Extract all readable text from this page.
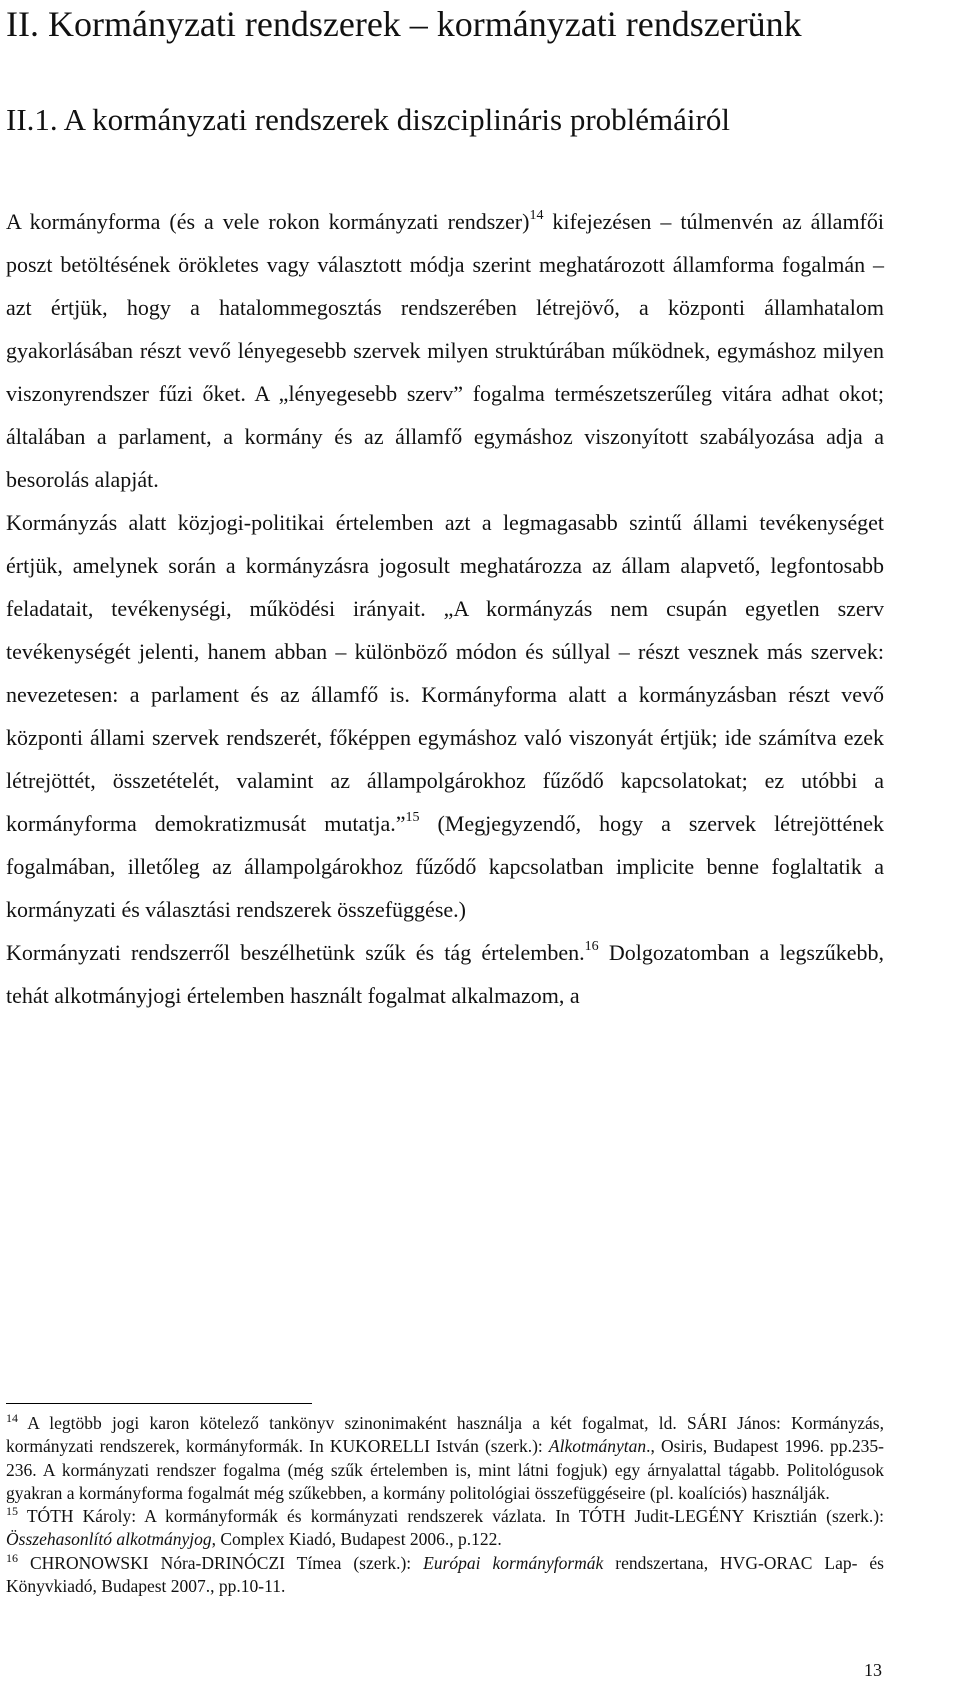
II. Kormányzati rendszerek – kormányzati rendszerünk
II.1. A kormányzati rendszerek diszciplináris problémáiról

A kormányforma (és a vele rokon kormányzati rendszer)$^{14}$ kifejezésen – túlmenvén az államfői poszt betöltésének örökletes vagy választott módja szerint meghatározott államforma fogalmán – azt értjük, hogy a hatalommegosztás rendszerében létrejövő, a központi államhatalom gyakorlásában részt vevő lényegesebb szervek milyen struktúrában működnek, egymáshoz milyen viszonyrendszer fűzi őket. A „lényegesebb szerv” fogalma természetszerűleg vitára adhat okot; általában a parlament, a kormány és az államfő egymáshoz viszonyított szabályozása adja a besorolás alapját.

Kormányzás alatt közjogi-politikai értelemben azt a legmagasabb szintű állami tevékenységet értjük, amelynek során a kormányzásra jogosult meghatározza az állam alapvető, legfontosabb feladatait, tevékenységi, működési irányait. „A kormányzás nem csupán egyetlen szerv tevékenységét jelenti, hanem abban – különböző módon és súllyal – részt vesznek más szervek: nevezetesen: a parlament és az államfő is. Kormányforma alatt a kormányzásban részt vevő központi állami szervek rendszerét, főképpen egymáshoz való viszonyát értjük; ide számítva ezek létrejöttét, összetételét, valamint az állampolgárokhoz fűződő kapcsolatokat; ez utóbbi a kormányforma demokratizmusát mutatja.”$^{15}$ (Megjegyzendő, hogy a szervek létrejöttének fogalmában, illetőleg az állampolgárokhoz fűződő kapcsolatban implicite benne foglaltatik a kormányzati és választási rendszerek összefüggése.)

Kormányzati rendszerről beszélhetünk szűk és tág értelemben.$^{16}$ Dolgozatomban a legszűkebb, tehát alkotmányjogi értelemben használt fogalmat alkalmazom, a

$^{14}$ A legtöbb jogi karon kötelező tankönyv szinonimaként használja a két fogalmat, ld. SÁRI János: Kormányzás, kormányzati rendszerek, kormányformák. In KUKORELLI István (szerk.): Alkotmánytan., Osiris, Budapest 1996. pp.235-236. A kormányzati rendszer fogalma (még szűk értelemben is, mint látni fogjuk) egy árnyalattal tágabb. Politológusok gyakran a kormányforma fogalmát még szűkebben, a kormány politológiai összefüggéseire (pl. koalíciós) használják.

$^{15}$ TÓTH Károly: A kormányformák és kormányzati rendszerek vázlata. In TÓTH Judit-LEGÉNY Krisztián (szerk.): Összehasonlító alkotmányjog, Complex Kiadó, Budapest 2006., p.122.

$^{16}$ CHRONOWSKI Nóra-DRINÓCZI Tímea (szerk.): Európai kormányformák rendszertana, HVG-ORAC Lap- és Könyvkiadó, Budapest 2007., pp.10-11.

13
